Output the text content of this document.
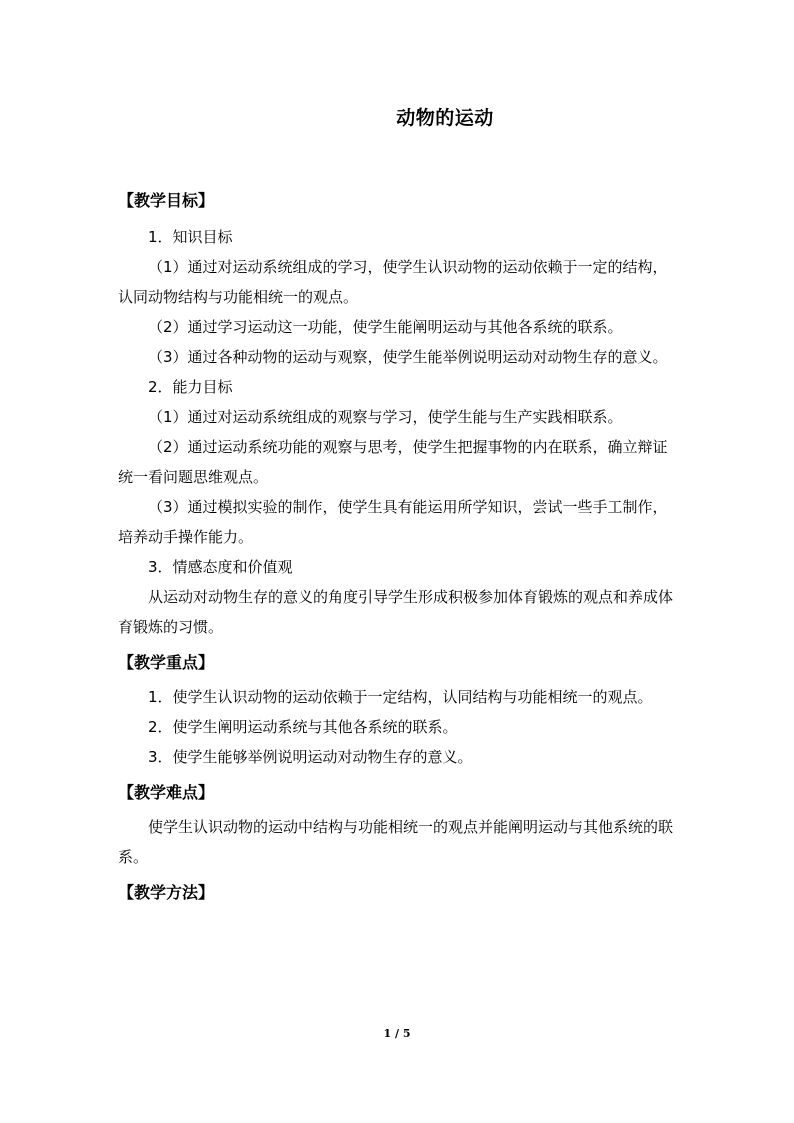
动物的运动
【教学目标】

1．知识目标

（1）通过对运动系统组成的学习，使学生认识动物的运动依赖于一定的结构，认同动物结构与功能相统一的观点。

（2）通过学习运动这一功能，使学生能阐明运动与其他各系统的联系。

（3）通过各种动物的运动与观察，使学生能举例说明运动对动物生存的意义。

2．能力目标

（1）通过对运动系统组成的观察与学习，使学生能与生产实践相联系。

（2）通过运动系统功能的观察与思考，使学生把握事物的内在联系，确立辩证统一看问题思维观点。

（3）通过模拟实验的制作，使学生具有能运用所学知识，尝试一些手工制作，培养动手操作能力。

3．情感态度和价值观

从运动对动物生存的意义的角度引导学生形成积极参加体育锻炼的观点和养成体育锻炼的习惯。

【教学重点】

1．使学生认识动物的运动依赖于一定结构，认同结构与功能相统一的观点。

2．使学生阐明运动系统与其他各系统的联系。

3．使学生能够举例说明运动对动物生存的意义。

【教学难点】

使学生认识动物的运动中结构与功能相统一的观点并能阐明运动与其他系统的联系。

【教学方法】
1 / 5
